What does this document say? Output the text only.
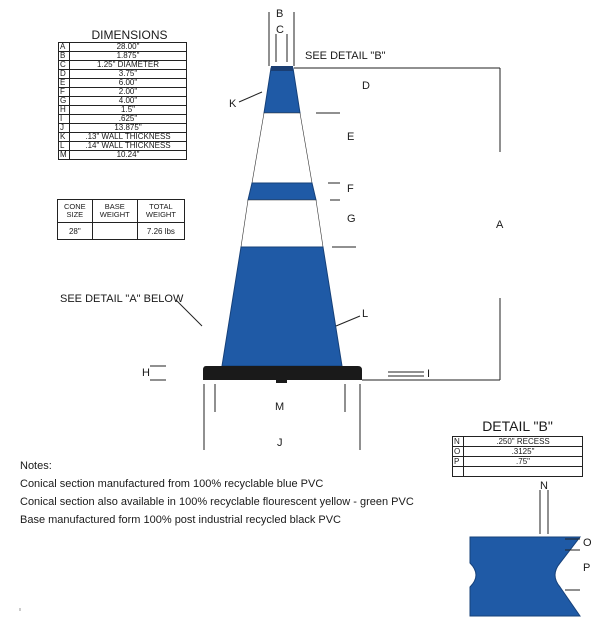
DIMENSIONS
A	28.00"
B	1.875"
C	1.25" DIAMETER
D	3.75"
E	6.00"
F	2.00"
G	4.00"
H	1.5"
I	.625"
J	13.875"
K	.13" WALL THICKNESS
L	.14" WALL THICKNESS
M	10.24"
CONE SIZE	BASE WEIGHT	TOTAL WEIGHT
28"		7.26 lbs
B
C
SEE DETAIL "B"
D
K
E
F
G	A
SEE DETAIL "A" BELOW
L
H	I
M
J
N
O
P
DETAIL "B"
N	.250" RECESS
O	.3125"
P	.75"

Notes:
Conical section manufactured from 100% recyclable blue PVC
Conical section also available in 100% recyclable flourescent yellow - green PVC
Base manufactured form 100% post industrial recycled black PVC
